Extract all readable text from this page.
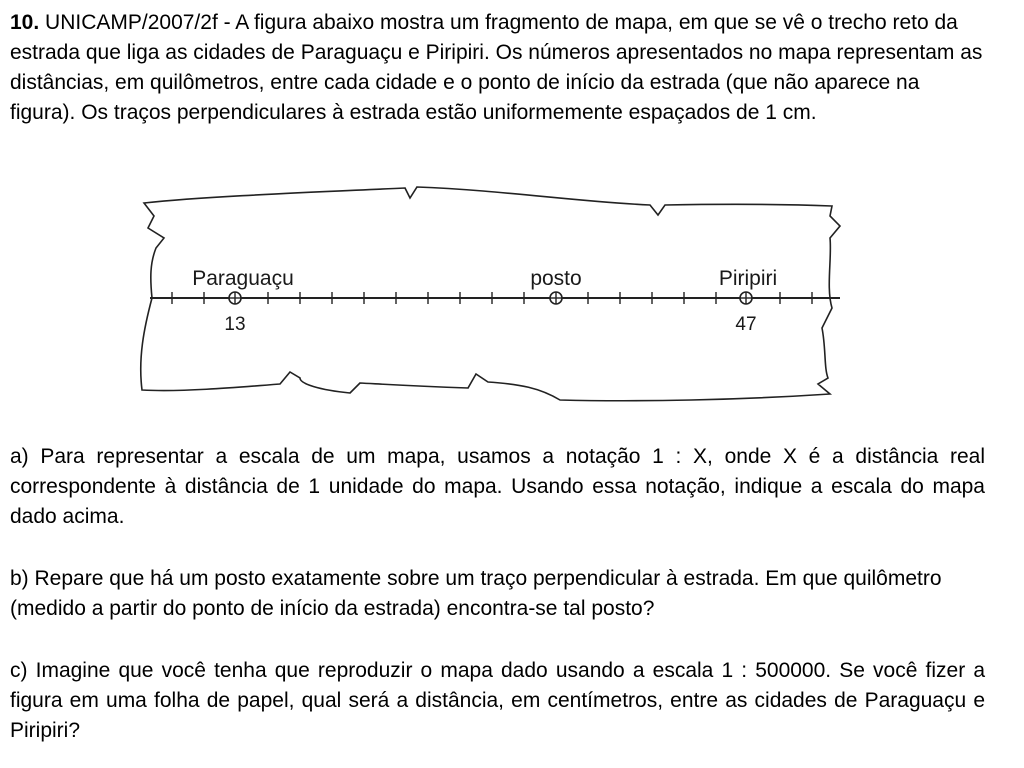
10. UNICAMP/2007/2f - A figura abaixo mostra um fragmento de mapa, em que se vê o trecho reto da estrada que liga as cidades de Paraguaçu e Piripiri. Os números apresentados no mapa representam as distâncias, em quilômetros, entre cada cidade e o ponto de início da estrada (que não aparece na figura). Os traços perpendiculares à estrada estão uniformemente espaçados de 1 cm.

Paraguaçu
13
posto	Piripiri
47

a) Para representar a escala de um mapa, usamos a notação 1 : X, onde X é a distância real correspondente à distância de 1 unidade do mapa. Usando essa notação, indique a escala do mapa dado acima.

b) Repare que há um posto exatamente sobre um traço perpendicular à estrada. Em que quilômetro (medido a partir do ponto de início da estrada) encontra-se tal posto?

c) Imagine que você tenha que reproduzir o mapa dado usando a escala 1 : 500000. Se você fizer a figura em uma folha de papel, qual será a distância, em centímetros, entre as cidades de Paraguaçu e Piripiri?
